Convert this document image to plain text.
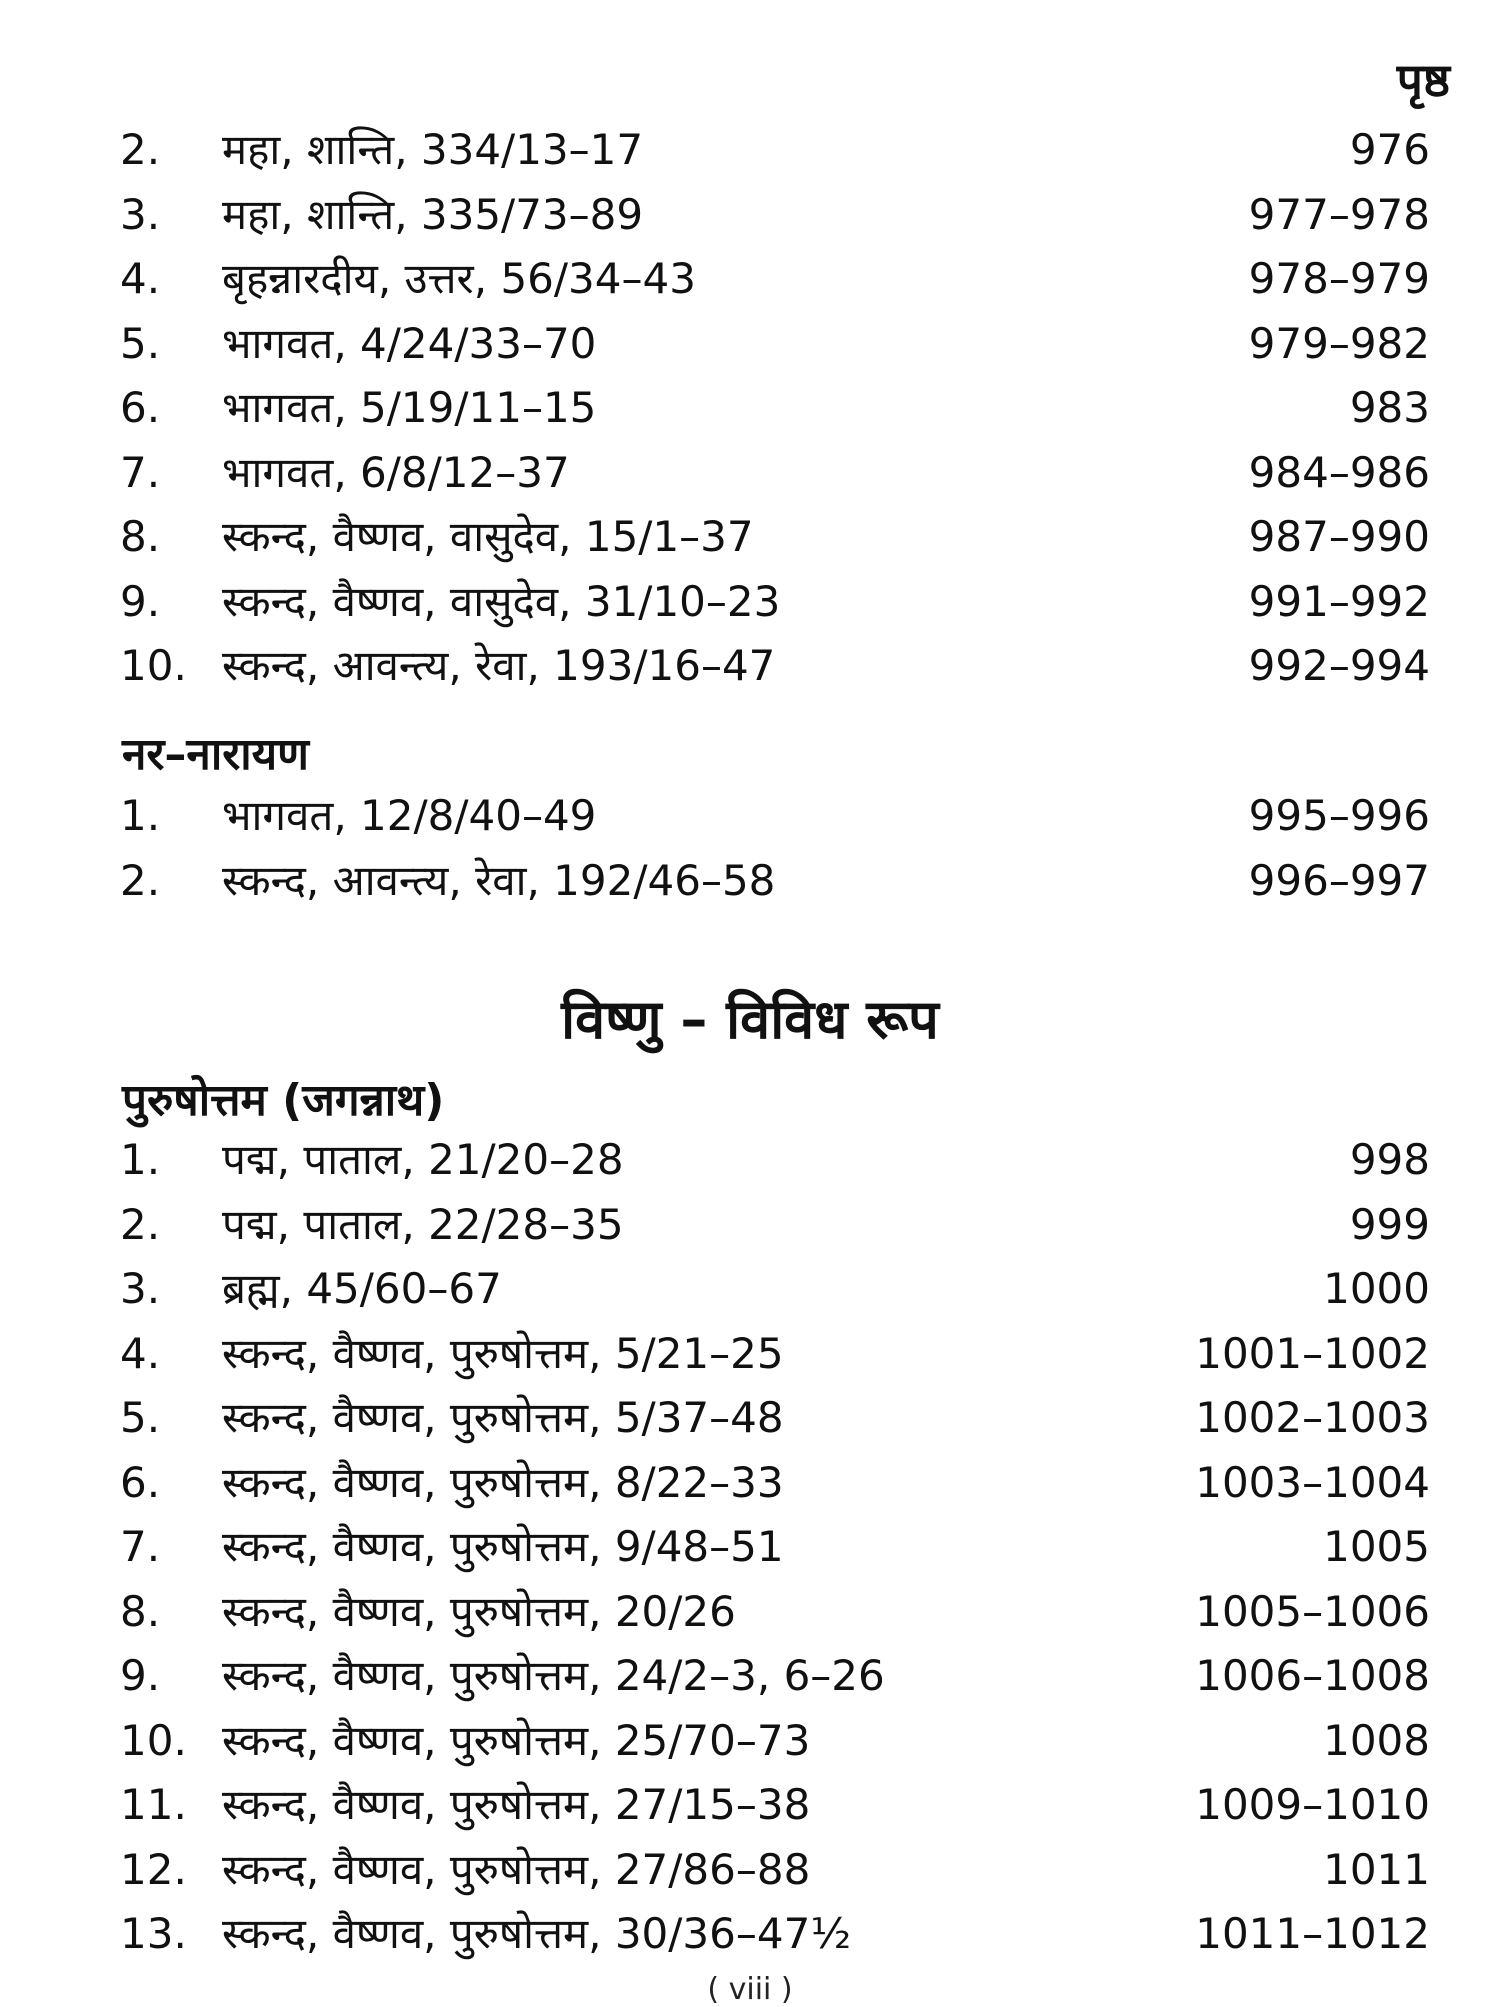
पृष्ठ
2.	महा, शान्ति, 334/13–17	976
3.	महा, शान्ति, 335/73–89	977–978
4.	बृहन्नारदीय, उत्तर, 56/34–43	978–979
5.	भागवत, 4/24/33–70	979–982
6.	भागवत, 5/19/11–15	983
7.	भागवत, 6/8/12–37	984–986
8.	स्कन्द, वैष्णव, वासुदेव, 15/1–37	987–990
9.	स्कन्द, वैष्णव, वासुदेव, 31/10–23	991–992
10. स्कन्द, आवन्त्य, रेवा, 193/16–47	992–994
नर–नारायण
1.	भागवत, 12/8/40–49	995–996
2.	स्कन्द, आवन्त्य, रेवा, 192/46–58	996–997
विष्णु – विविध रूप
पुरुषोत्तम (जगन्नाथ)
1.	पद्म, पाताल, 21/20–28	998
2.	पद्म, पाताल, 22/28–35	999
3.	ब्रह्म, 45/60–67	1000
4.	स्कन्द, वैष्णव, पुरुषोत्तम, 5/21–25	1001–1002
5.	स्कन्द, वैष्णव, पुरुषोत्तम, 5/37–48	1002–1003
6.	स्कन्द, वैष्णव, पुरुषोत्तम, 8/22–33	1003–1004
7.	स्कन्द, वैष्णव, पुरुषोत्तम, 9/48–51	1005
8.	स्कन्द, वैष्णव, पुरुषोत्तम, 20/26	1005–1006
9.	स्कन्द, वैष्णव, पुरुषोत्तम, 24/2–3, 6–26	1006–1008
10. स्कन्द, वैष्णव, पुरुषोत्तम, 25/70–73	1008
11. स्कन्द, वैष्णव, पुरुषोत्तम, 27/15–38	1009–1010
12. स्कन्द, वैष्णव, पुरुषोत्तम, 27/86–88	1011
13. स्कन्द, वैष्णव, पुरुषोत्तम, 30/36–47½	1011–1012
( viii )
